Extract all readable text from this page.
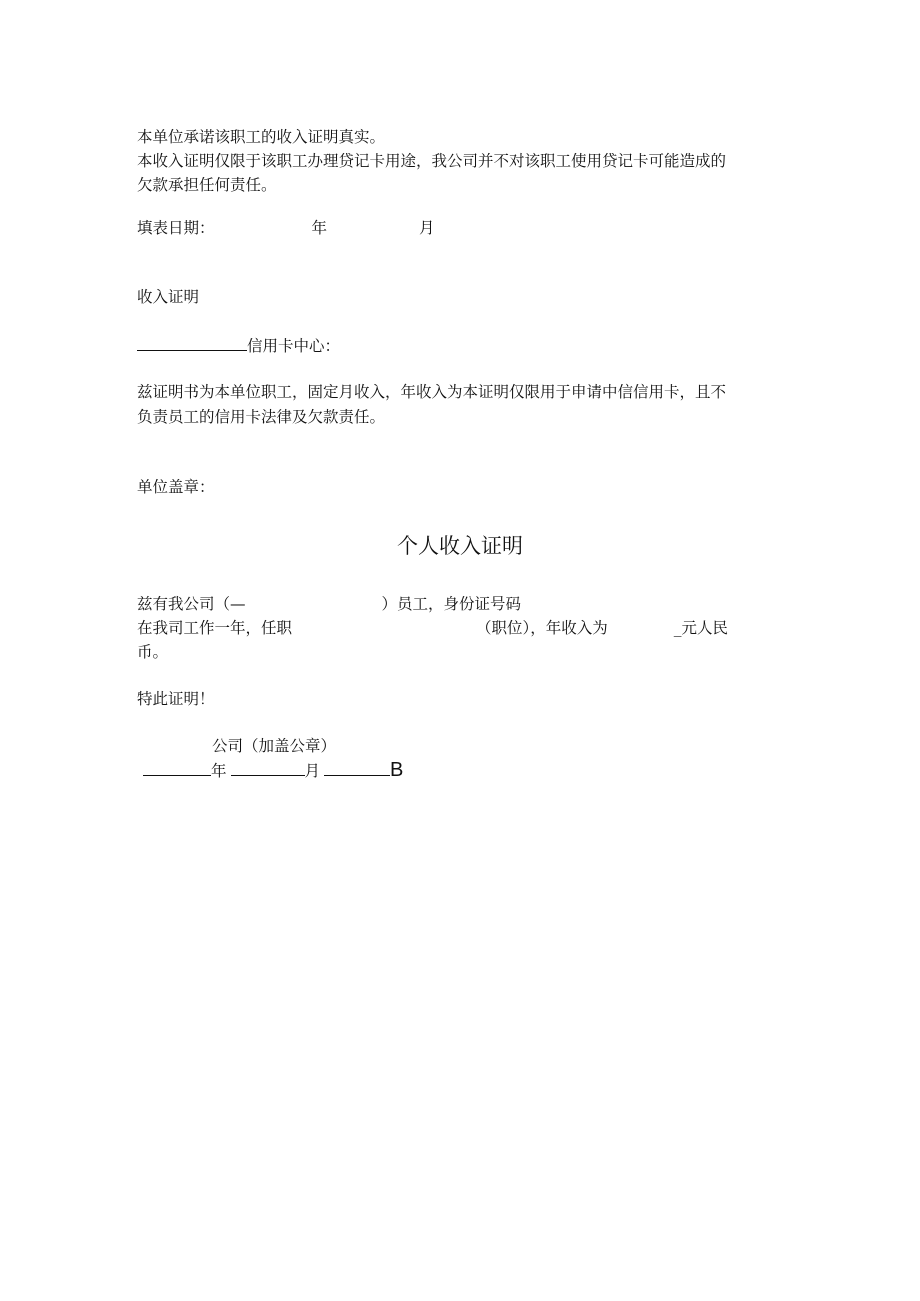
本单位承诺该职工的收入证明真实。
本收入证明仅限于该职工办理贷记卡用途，我公司并不对该职工使用贷记卡可能造成的
欠款承担任何责任。
填表日期：	年	月
收入证明
信用卡中心：
兹证明书为本单位职工，固定月收入，年收入为本证明仅限用于申请中信信用卡，且不
负责员工的信用卡法律及欠款责任。
单位盖章：
个人收入证明
兹有我公司（—	）员工，身份证号码
在我司工作一年，任职	（职位），年收入为	_元人民
币。
特此证明！
公司（加盖公章）
年	月	B
